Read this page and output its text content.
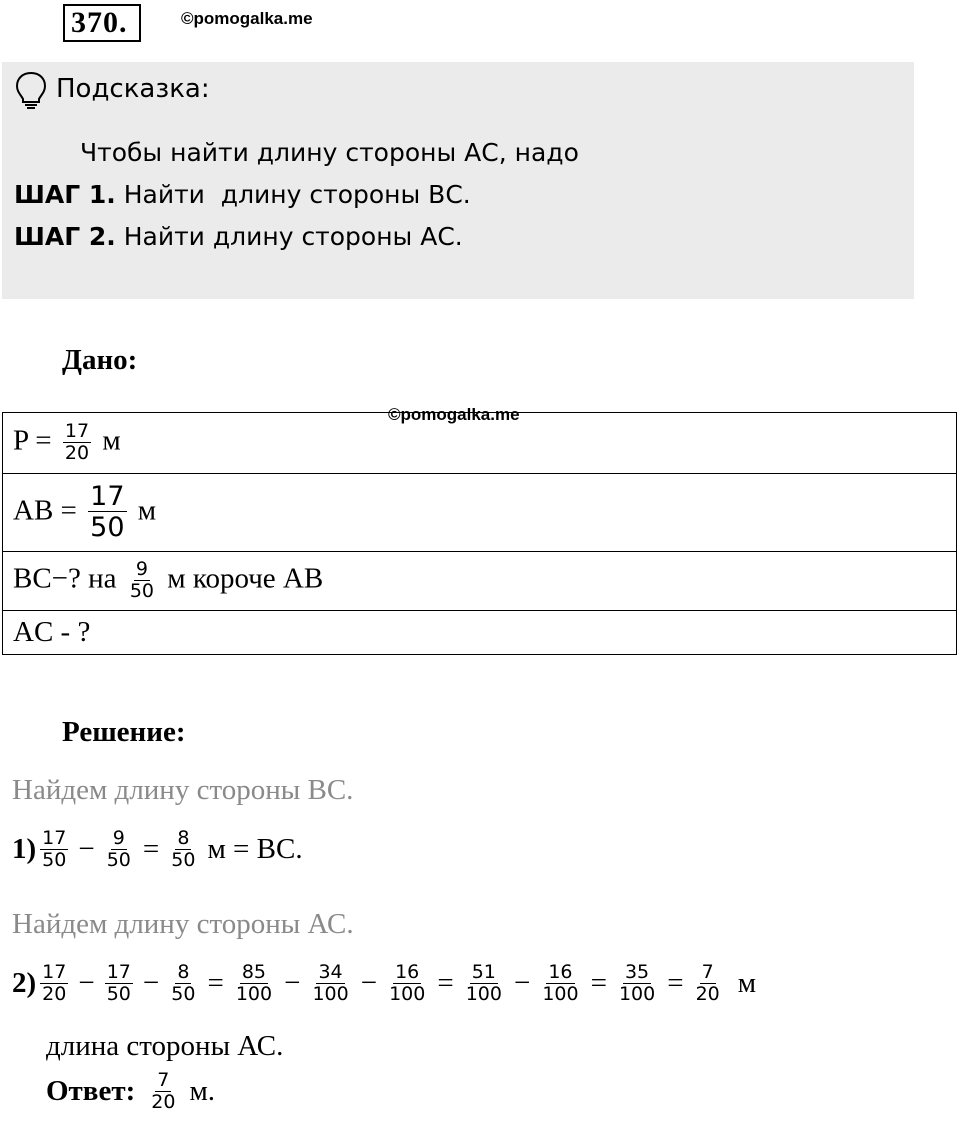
370.	©pomogalka.me
Подсказка:
Чтобы найти длину стороны АС, надо
ШАГ 1. Найти  длину стороны ВС.
ШАГ 2. Найти длину стороны АС.
Дано:
©pomogalka.me
$P = \frac{17}{20}$ м
AB = $\frac{17}{50}$ м
BC−? на $\frac{9}{50}$ м короче AB
AC - ?
Решение:
Найдем длину стороны ВС.
$1) \frac{17}{50} - \frac{9}{50} = \frac{8}{50}$ м = BC.
Найдем длину стороны АС.
$2) \frac{17}{20} - \frac{17}{50} - \frac{8}{50} = \frac{85}{100} - \frac{34}{100} - \frac{16}{100} = \frac{51}{100} - \frac{16}{100} = \frac{35}{100} = \frac{7}{20}$ м
длина стороны АС.
Ответ: $\frac{7}{20} м$.
